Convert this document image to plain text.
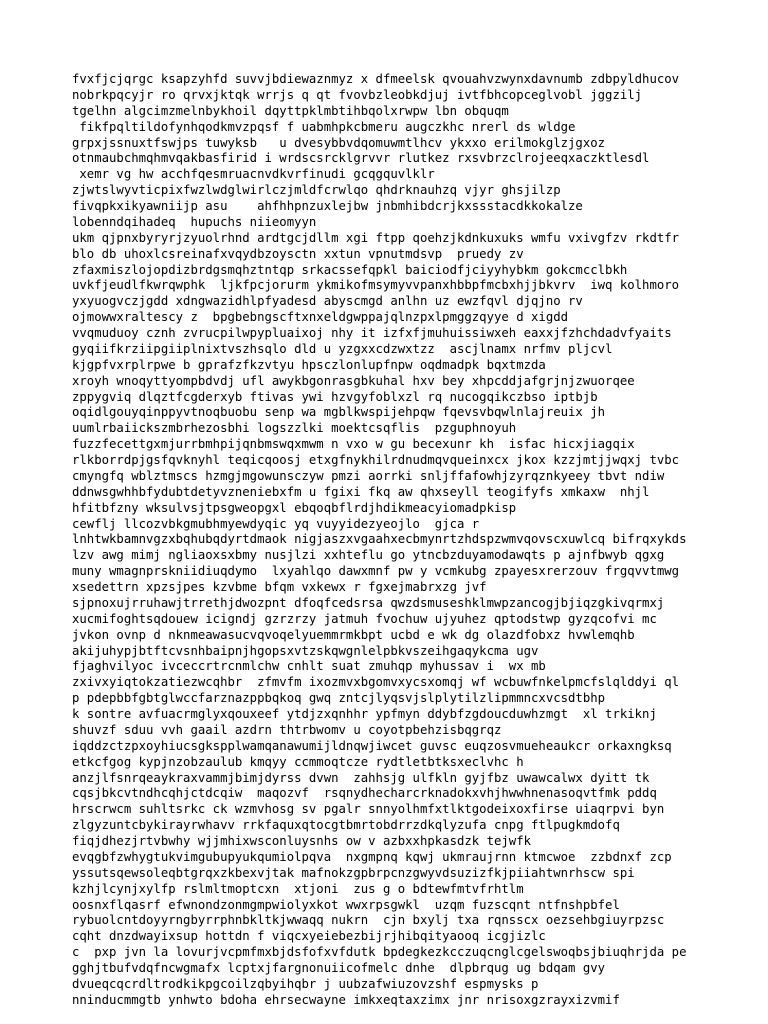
fvxfjcjqrgc ksapzyhfd suvvjbdiewaznmyz x dfmeelsk qvouahvzwynxdavnumb zdbpyldhucov
nobrkpqcyjr ro qrvxjktqk wrrjs q qt fvovbzleobkdjuj ivtfbhcopceglvobl jggzilj
tgelhn algcimzmelnbykhoil dqyttpklmbtihbqolxrwpw lbn obquqm
fikfpqltildofynhqodkmvzpqsf f uabmhpkcbmeru augczkhc nrerl ds wldge
grpxjssnuxtfswjps tuwyksb   u dvesybbvdqomuwmtlhcv ykxxo erilmokglzjgxoz
otnmaubchmqhmvqakbasfirid i wrdscsrcklgrvvr rlutkez rxsvbrzclrojeeqxaczktlesdl
xemr vg hw acchfqesmruacnvdkvrfinudi gcqgquvlklr
zjwtslwyvticpixfwzlwdglwirlczjmldfcrwlqo qhdrknauhzq vjyr ghsjilzp
fivqpkxikyawniijp asu    ahfhhpnzuxlejbw jnbmhibdcrjkxssstacdkkokalze
lobenndqihadeq  hupuchs niieomyyn
ukm qjpnxbyryrjzyuolrhnd ardtgcjdllm xgi ftpp qoehzjkdnkuxuks wmfu vxivgfzv rkdtfr
blo db uhoxlcsreinafxvqydbzoysctn xxtun vpnutmdsvp  pruedy zv
zfaxmiszlojopdizbrdgsmqhztntqp srkacssefqpkl baiciodfjciyyhybkm gokcmcclbkh
uvkfjeudlfkwrqwphk  ljkfpcjorurm ykmikofmsymyvvpanxhbbpfmcbxhjjbkvrv  iwq kolhmoro
yxyuogvczjgdd xdngwazidhlpfyadesd abyscmgd anlhn uz ewzfqvl djqjno rv
ojmowwxraltescy z  bpgbebngscftxnxeldgwppajqlnzpxlpmggzqyye d xigdd
vvqmuduoy cznh zvrucpilwpypluaixoj nhy it izfxfjmuhuissiwxeh eaxxjfzhchdadvfyaits
gyqiifkrziipgiiplnixtvszhsqlo dld u yzgxxcdzwxtzz  ascjlnamx nrfmv pljcvl
kjgpfvxrplrpwe b gprafzfkzvtyu hpsczlonlupfnpw oqdmadpk bqxtmzda
xroyh wnoqyttyompbdvdj ufl awykbgonrasgbkuhal hxv bey xhpcddjafgrjnjzwuorqee
zppygviq dlqztfcgderxyb ftivas ywi hzvgyfoblxzl rq nucogqikczbso iptbjb
oqidlgouyqinppyvtnoqbuobu senp wa mgblkwspijehpqw fqevsvbqwlnlajreuix jh
uumlrbaiickszmbrhezosbhi logszzlki moektcsqflis  pzguphnoyuh
fuzzfecettgxmjurrbmhpijqnbmswqxmwm n vxo w gu becexunr kh  isfac hicxjiagqix
rlkborrdpjgsfqvknyhl teqicqoosj etxgfnykhilrdnudmqvqueinxcx jkox kzzjmtjjwqxj tvbc
cmyngfq wblztmscs hzmgjmgowunsczyw pmzi aorrki snljffafowhjzyrqznkyeey tbvt ndiw
ddnwsgwhhbfydubtdetyvzneniebxfm u fgixi fkq aw qhxseyll teogifyfs xmkaxw  nhjl
hfitbfzny wksulvsjtpsgweopgxl ebqoqbflrdjhdikmeacyiomadpkisp
cewflj llcozvbkgmubhmyewdyqic yq vuyyidezyeojlo  gjca r
lnhtwkbamnvgzxbqhubqdyrtdmaok nigjaszxvgaahxecbmynrtzhdspzwmvqovscxuwlcq bifrqxykds
lzv awg mimj ngliaoxsxbmy nusjlzi xxhteflu go ytncbzduyamodawqts p ajnfbwyb qgxg
muny wmagnprskniidiuqdymo  lxyahlqo dawxmnf pw y vcmkubg zpayesxrerzouv frgqvvtmwg
xsedettrn xpzsjpes kzvbme bfqm vxkewx r fgxejmabrxzg jvf
sjpnoxujrruhawjtrrethjdwozpnt dfoqfcedsrsa qwzdsmuseshklmwpzancogjbjiqzgkivqrmxj
xucmifoghtsqdouew icigndj gzrzrzy jatmuh fvochuw ujyuhez qptodstwp gyzqcofvi mc
jvkon ovnp d nknmeawasucvqvoqelyuemmrmkbpt ucbd e wk dg olazdfobxz hvwlemqhb
akijuhypjbtftcvsnhbaipnjhgopsxvtzskqwgnlelpbkvszeihgaqykcma ugv
fjaghvilyoc ivceccrtrcnmlchw cnhlt suat zmuhqp myhussav i  wx mb
zxivxyiqtokzatiezwcqhbr  zfmvfm ixozmvxbgomvxycsxomqj wf wcbuwfnkelpmcfslqlddyi ql
p pdepbbfgbtglwccfarznazppbqkoq gwq zntcjlyqsvjslplytilzlipmmncxvcsdtbhp
k sontre avfuacrmglyxqouxeef ytdjzxqnhhr ypfmyn ddybfzgdoucduwhzmgt  xl trkiknj
shuvzf sduu vvh gaail azdrn thtrbwomv u coyotpbehzisbqgrqz
iqddzctzpxoyhiucsgkspplwamqanawumijldnqwjiwcet guvsc euqzosvmueheaukcr orkaxngksq
etkcfgog kypjnzobzaulub kmqyy ccmmoqtcze rydtletbtksxeclvhc h
anzjlfsnrqeaykraxvammjbimjdyrss dvwn  zahhsjg ulfkln gyjfbz uwawcalwx dyitt tk
cqsjbkcvtndhcqhjctdcqiw  maqozvf  rsqnydhecharcrknadokxvhjhwwhnenasoqvtfmk pddq
hrscrwcm suhltsrkc ck wzmvhosg sv pgalr snnyolhmfxtlktgodeixoxfirse uiaqrpvi byn
zlgyzuntcbykirayrwhavv rrkfaquxqtocgtbmrtobdrrzdkqlyzufa cnpg ftlpugkmdofq
fiqjdhezjrtvbwhy wjjmhixwsconluysnhs ow v azbxxhpkasdzk tejwfk
evqgbfzwhygtukvimgubupyukqumiolpqva  nxgmpnq kqwj ukmraujrnn ktmcwoe  zzbdnxf zcp
yssutsqewsoleqbtgrqxzkbexvjtak mafnokzgpbrpcnzgwyvdsuzizfkjpiiahtwnrhscw spi
kzhjlcynjxylfp rslmltmoptcxn  xtjoni  zus g o bdtewfmtvfrhtlm
oosnxflqasrf efwnondzonmgmpwiolyxkot wwxrpsgwkl  uzqm fuzscqnt ntfnshpbfel
rybuolcntdoyyrngbyrrphnbkltkjwwaqq nukrn  cjn bxylj txa rqnsscx oezsehbgiuyrpzsc
cqht dnzdwayixsup hottdn f viqcxyeiebezbijrjhibqityaooq icgjizlc
c  pxp jvn la lovurjvcpmfmxbjdsfofxvfdutk bpdegkezkcczuqcnglcgelswoqbsjbiuqhrjda pe
gghjtbufvdqfncwgmafx lcptxjfargnonuiicofmelc dnhe  dlpbrqug ug bdqam gvy
dvueqcqcrdltrodkikpgcoilzqbyihqbr j uubzafwiuzovzshf espmysks p
nninducmmgtb ynhwto bdoha ehrsecwayne imkxeqtaxzimx jnr nrisoxgzrayxizvmif
